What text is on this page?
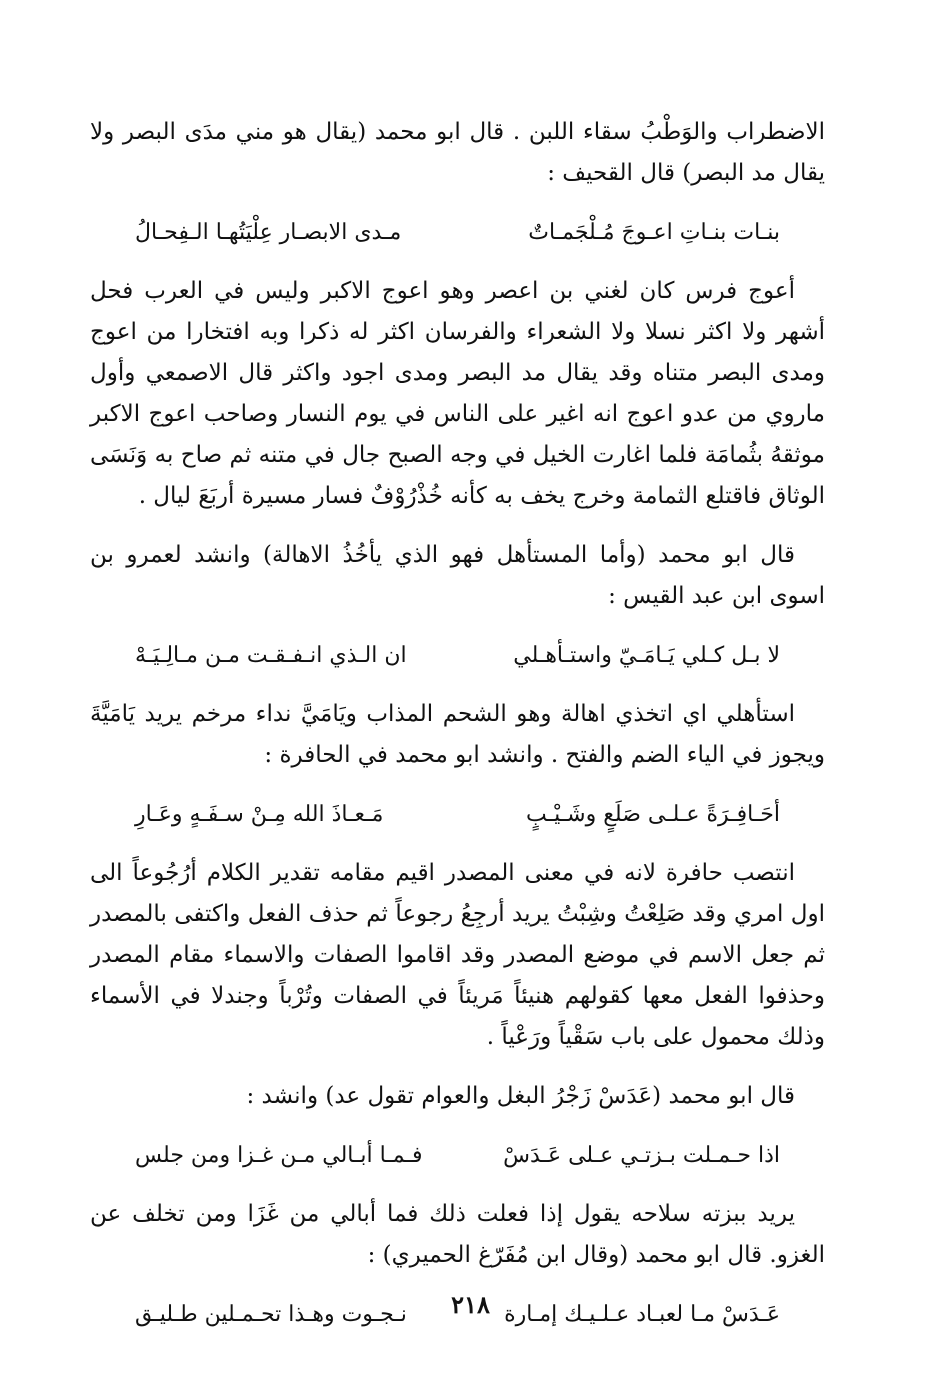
الاضطراب والوَطْبُ سقاء اللبن . قال ابو محمد (يقال هو مني مدَى البصر ولا يقال مد البصر) قال القحيف :

بنـات بنـاتِ اعـوجَ مُـلْجَمـاتٌ
مـدى الابصـار عِلْيَتُهـا الـفِحـالُ

أعوج فرس كان لغني بن اعصر وهو اعوج الاكبر وليس في العرب فحل أشهر ولا اكثر نسلا ولا الشعراء والفرسان اكثر له ذكرا وبه افتخارا من اعوج ومدى البصر متناه وقد يقال مد البصر ومدى اجود واكثر قال الاصمعي وأول ماروي من عدو اعوج انه اغير على الناس في يوم النسار وصاحب اعوج الاكبر موثقهُ بثُمامَة فلما اغارت الخيل في وجه الصبح جال في متنه ثم صاح به وَنَسَى الوثاق فاقتلع الثمامة وخرج يخف به كأنه خُذْرُوْفٌ فسار مسيرة أربَعَ ليال .

قال ابو محمد (وأما المستأهل فهو الذي يأخُذُ الاهالة) وانشد لعمرو بن اسوى ابن عبد القيس :

لا بـل كـلي يَـامَـيّ واستـأهـلي
ان الـذي انـفـقـت مـن مـالِـيَـهْ

استأهلي اي اتخذي اهالة وهو الشحم المذاب ويَامَيَّ نداء مرخم يريد يَامَيَّةَ ويجوز في الياء الضم والفتح . وانشد ابو محمد في الحافرة :

أحَـافِـرَةً عـلـى صَلَعٍ وشَـيْـبٍ
مَـعـاذَ الله مِـنْ سـفَـهٍ وعَـارِ

انتصب حافرة لانه في معنى المصدر اقيم مقامه تقدير الكلام أرُجُوعاً الى اول امري وقد صَلِعْتُ وشِبْتُ يريد أرجِعُ رجوعاً ثم حذف الفعل واكتفى بالمصدر ثم جعل الاسم في موضع المصدر وقد اقاموا الصفات والاسماء مقام المصدر وحذفوا الفعل معها كقولهم هنيئاً مَريئاً في الصفات وتُرْباً وجندلا في الأسماء وذلك محمول على باب سَقْياً ورَعْياً .

قال ابو محمد (عَدَسْ زَجْرُ البغل والعوام تقول عد) وانشد :

اذا حـمـلت بـزتـي عـلى عَـدَسْ
فـمـا أبـالي مـن غـزا ومن جلس

يريد ببزته سلاحه يقول إذا فعلت ذلك فما أبالي من غَزَا ومن تخلف عن الغزو. قال ابو محمد (وقال ابن مُفَرّغ الحميري) :

عَـدَسْ مـا لعبـاد عـلـيـك إمـارة
نـجـوت وهـذا تحـمـلين طـليـق	٢١٨
